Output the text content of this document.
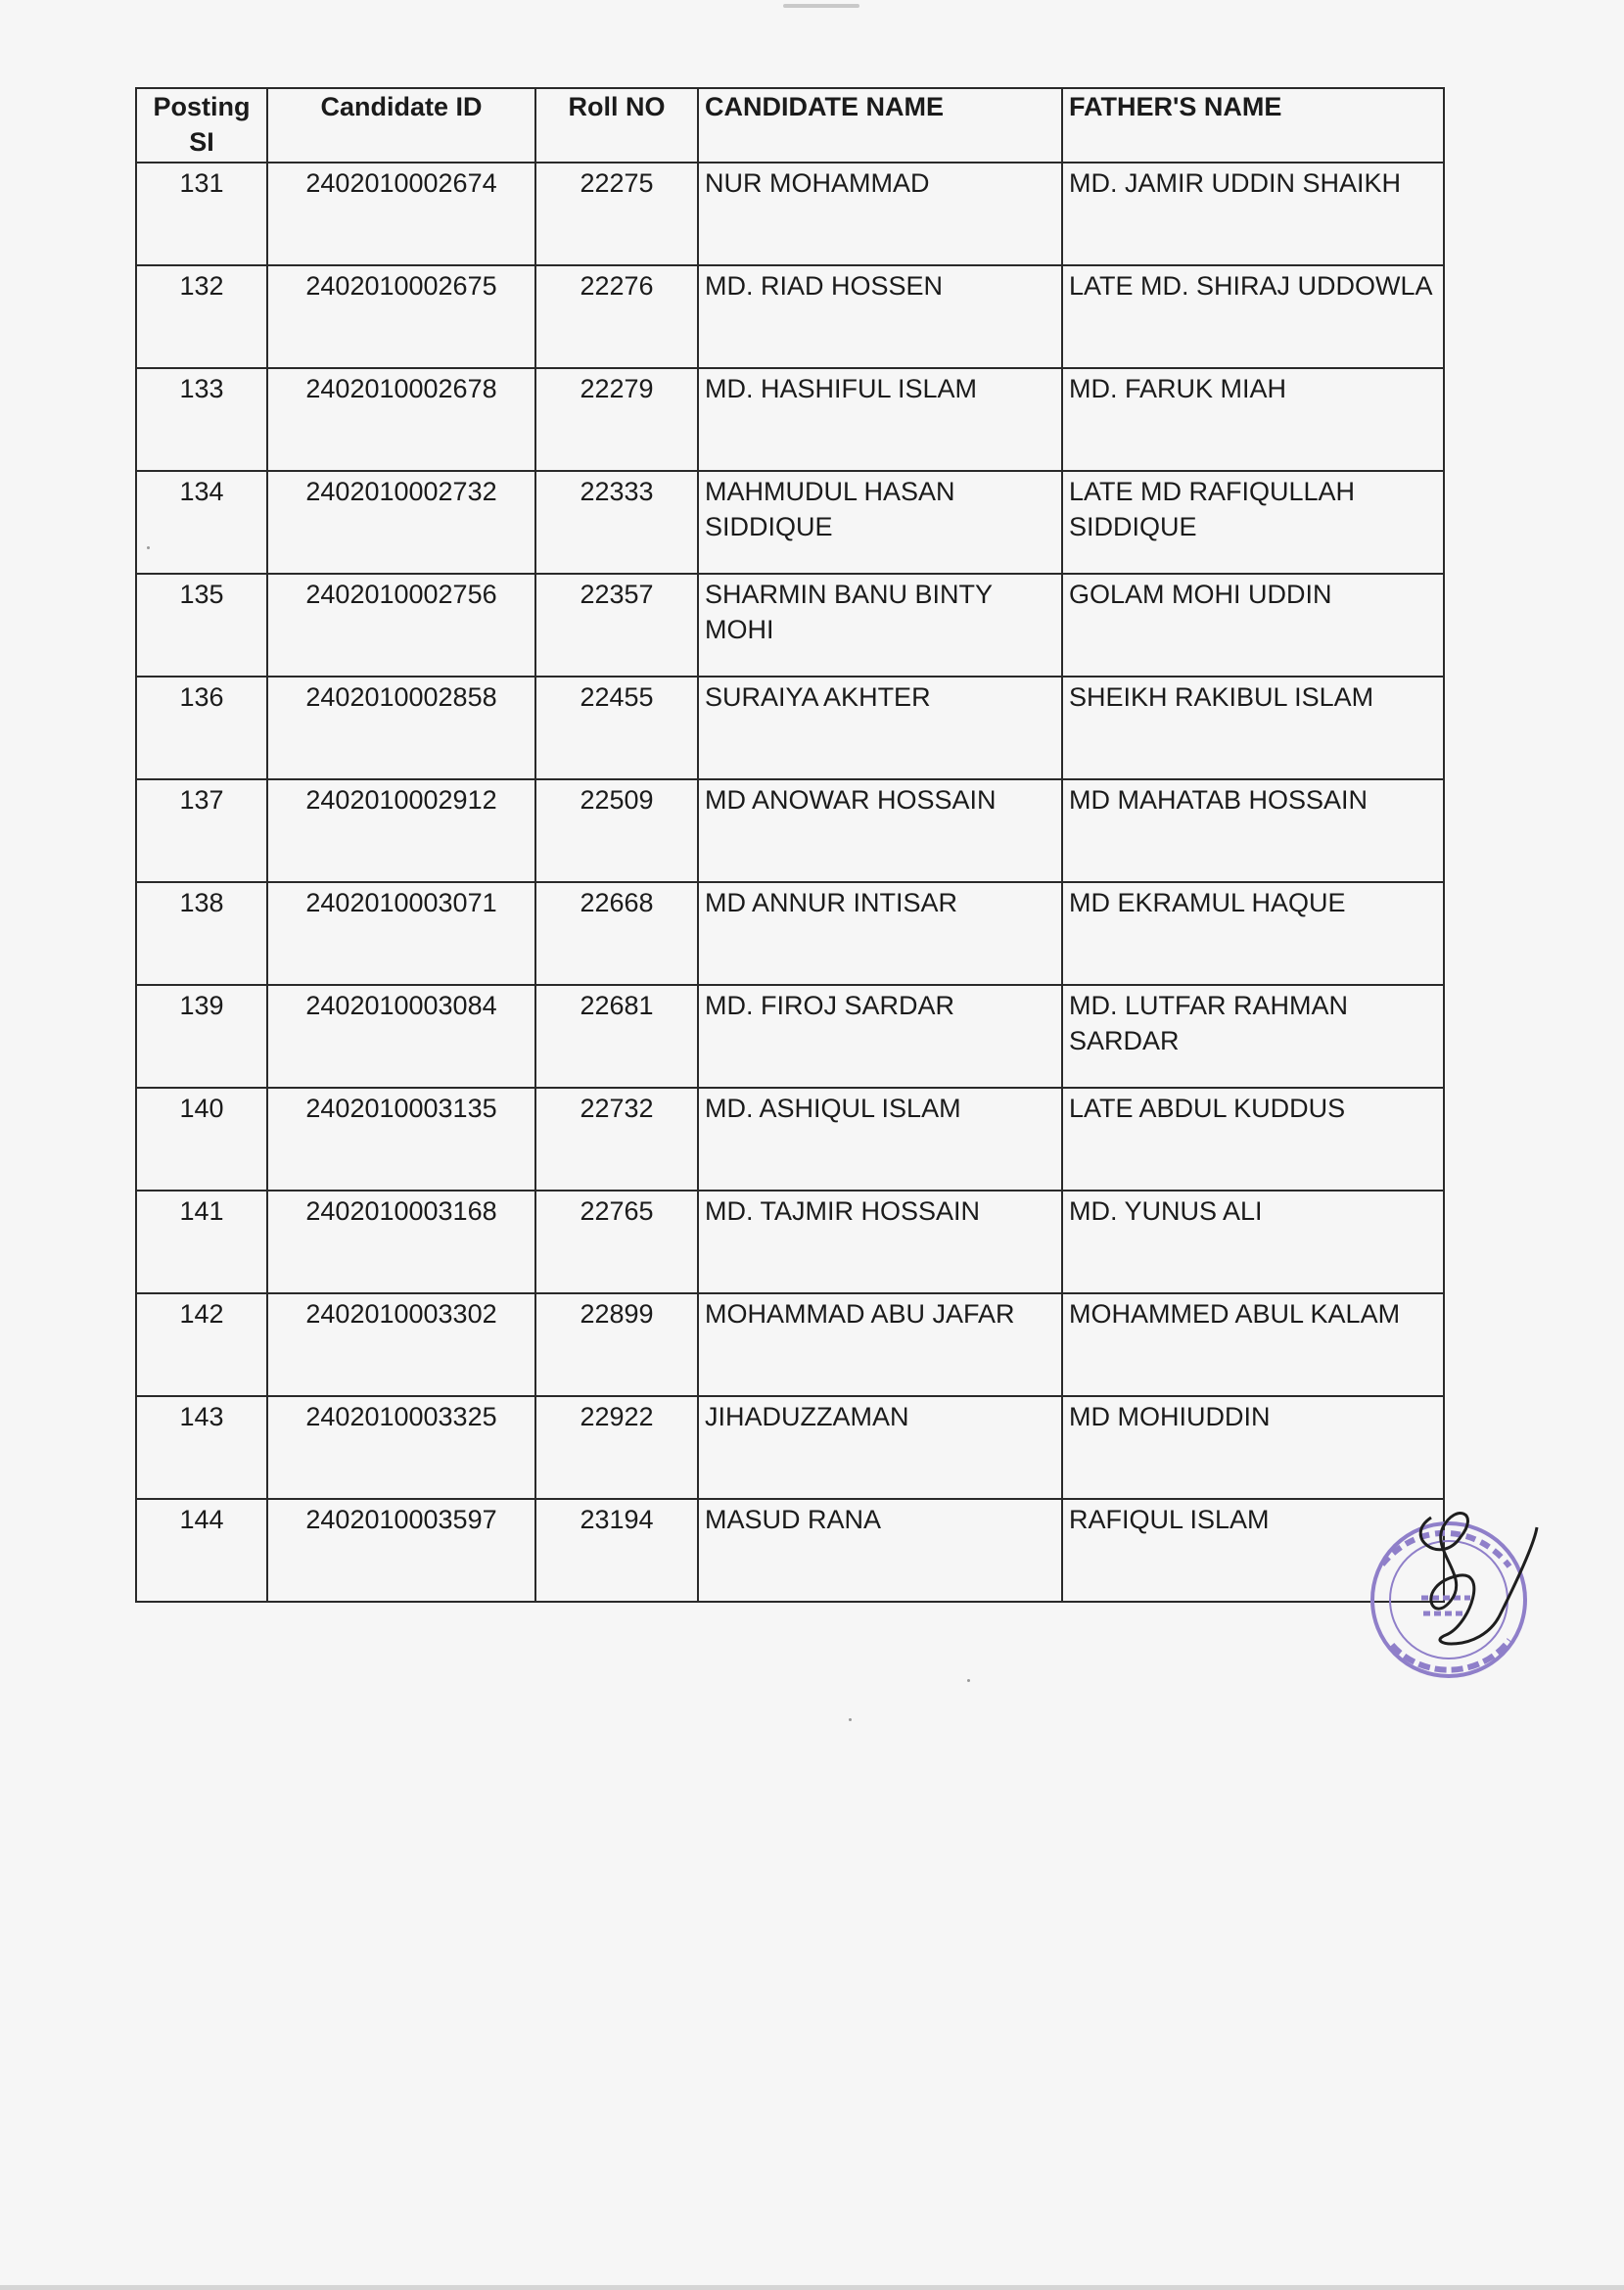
Posting SI	Candidate ID	Roll NO	CANDIDATE NAME	FATHER'S NAME
131	2402010002674	22275	NUR MOHAMMAD	MD. JAMIR UDDIN SHAIKH
132	2402010002675	22276	MD. RIAD HOSSEN	LATE MD. SHIRAJ UDDOWLA
133	2402010002678	22279	MD. HASHIFUL ISLAM	MD. FARUK MIAH
134	2402010002732	22333	MAHMUDUL HASAN SIDDIQUE	LATE MD RAFIQULLAH SIDDIQUE
135	2402010002756	22357	SHARMIN BANU BINTY MOHI	GOLAM MOHI UDDIN
136	2402010002858	22455	SURAIYA AKHTER	SHEIKH RAKIBUL ISLAM
137	2402010002912	22509	MD ANOWAR HOSSAIN	MD MAHATAB HOSSAIN
138	2402010003071	22668	MD ANNUR INTISAR	MD EKRAMUL HAQUE
139	2402010003084	22681	MD. FIROJ SARDAR	MD. LUTFAR RAHMAN SARDAR
140	2402010003135	22732	MD. ASHIQUL ISLAM	LATE ABDUL KUDDUS
141	2402010003168	22765	MD. TAJMIR HOSSAIN	MD. YUNUS ALI
142	2402010003302	22899	MOHAMMAD ABU JAFAR	MOHAMMED ABUL KALAM
143	2402010003325	22922	JIHADUZZAMAN	MD MOHIUDDIN
144	2402010003597	23194	MASUD RANA	RAFIQUL ISLAM
